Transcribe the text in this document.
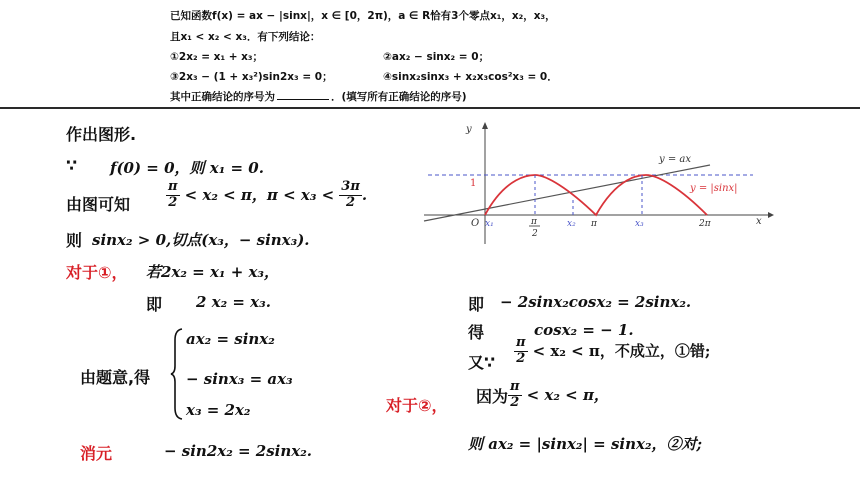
已知函数f(x) = ax − |sinx|，x ∈ [0，2π)，a ∈ R恰有3个零点x₁，x₂，x₃，
且x₁ < x₂ < x₃．有下列结论：
①2x₂ = x₁ + x₃；	②ax₂ − sinx₂ = 0；
③2x₃ − (1 + x₃²)sin2x₃ = 0；	④sinx₂sinx₃ + x₂x₃cos²x₃ = 0．
其中正确结论的序号为	．(填写所有正确结论的序号)
作出图形.
∵ f(0) = 0，则 x₁ = 0.
由图可知	$\frac{\pi}{2} < x_2 < \pi$，$\pi < x_3 < \frac{3\pi}{2}$ .
则 sinx₂ > 0,切点(x₃，− sinx₃).
对于①， 若2x₂ = x₁ + x₃，
即 2 x₂ = x₃.
由题意,得
ax₂ = sinx₂
− sinx₃ = ax₃
x₃ = 2x₂
消元	− sin2x₂ = 2sinx₂.
y
x
O
1
y = ax
y = |sinx|
x₁	x₂	x₃
π
2
π	2π
即 − 2sinx₂cosx₂ = 2sinx₂.
得	cosx₂ = − 1.
又∵ $\frac{\pi}{2} < x_2 < \pi$，不成立，①错;
对于②， 因为 $\frac{\pi}{2} < x_2 < \pi$，
则 ax₂ = |sinx₂| = sinx₂，②对;
